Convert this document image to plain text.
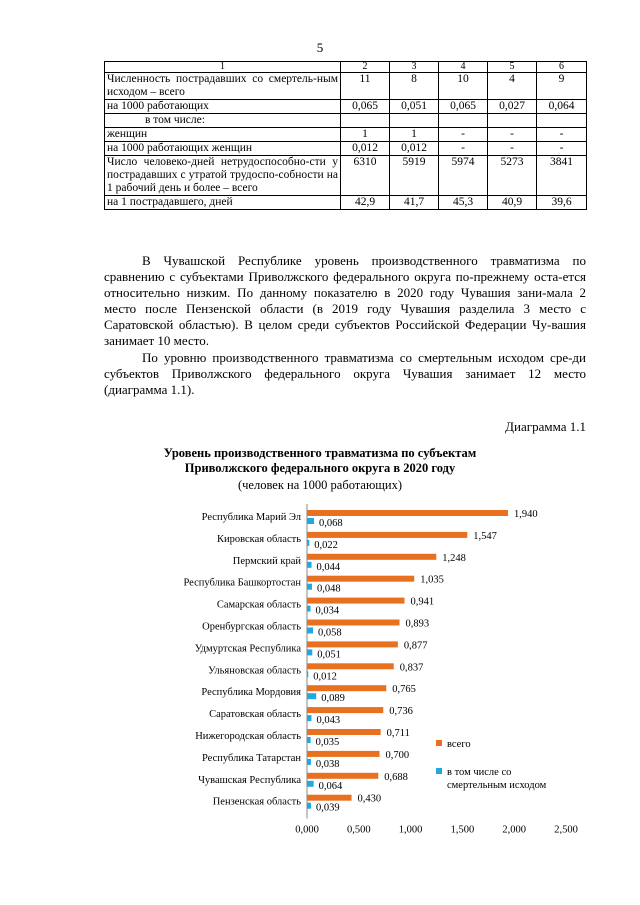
5
1	2	3	4	5	6
Численность пострадавших со смертель-ным исходом – всего	11	8	10	4	9
на 1000 работающих	0,065	0,051	0,065	0,027	0,064
в том числе:					
женщин	1	1	-	-	-
на 1000 работающих женщин	0,012	0,012	-	-	-
Число человеко-дней нетрудоспособно-сти у пострадавших с утратой трудоспо-собности на 1 рабочий день и более – всего	6310	5919	5974	5273	3841
на 1 пострадавшего, дней	42,9	41,7	45,3	40,9	39,6

В Чувашской Республике уровень производственного травматизма по сравнению с субъектами Приволжского федерального округа по-прежнему оста-ется относительно низким. По данному показателю в 2020 году Чувашия зани-мала 2 место после Пензенской области (в 2019 году Чувашия разделила 3 место с Саратовской областью). В целом среди субъектов Российской Федерации Чу-вашия занимает 10 место.

По уровню производственного травматизма со смертельным исходом сре-ди субъектов Приволжского федерального округа Чувашия занимает 12 место (диаграмма 1.1).

Диаграмма 1.1
Уровень производственного травматизма по субъектам
Приволжского федерального округа в 2020 году
(человек на 1000 работающих)
Республика Марий Эл	1,940
0,068
Кировская область	1,547
0,022
Пермский край	1,248
0,044
Республика Башкортостан	1,035
0,048
Самарская область	0,941
0,034
Оренбургская область	0,893
0,058
Удмуртская Республика	0,877
0,051
Ульяновская область	0,837
0,012
Республика Мордовия	0,765
0,089
Саратовская область	0,736
0,043
Нижегородская область	0,711
0,035
Республика Татарстан	0,700
0,038
Чувашская Республика	0,688
0,064
Пензенская область	0,430
0,039
0,000	0,500	1,000	1,500	2,000	2,500
всего
в том числе со
смертельным исходом
